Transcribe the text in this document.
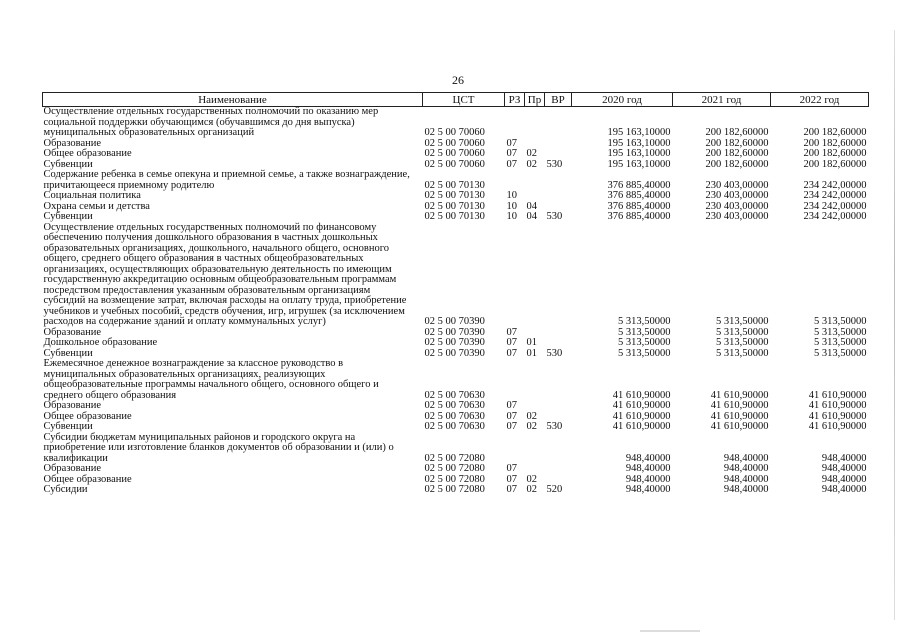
26
Наименование	ЦСТ	РЗ	Пр	ВР	2020 год	2021 год	2022 год
Осуществление отдельных государственных полномочий по оказанию мер социальной поддержки обучающимся (обучавшимся до дня выпуска) муниципальных образовательных организаций	02 5 00 70060				195 163,10000	200 182,60000	200 182,60000
Образование	02 5 00 70060	07			195 163,10000	200 182,60000	200 182,60000
Общее образование	02 5 00 70060	07	02		195 163,10000	200 182,60000	200 182,60000
Субвенции	02 5 00 70060	07	02	530	195 163,10000	200 182,60000	200 182,60000
Содержание ребенка в семье опекуна и приемной семье, а также вознаграждение, причитающееся приемному родителю	02 5 00 70130				376 885,40000	230 403,00000	234 242,00000
Социальная политика	02 5 00 70130	10			376 885,40000	230 403,00000	234 242,00000
Охрана семьи и детства	02 5 00 70130	10	04		376 885,40000	230 403,00000	234 242,00000
Субвенции	02 5 00 70130	10	04	530	376 885,40000	230 403,00000	234 242,00000
Осуществление отдельных государственных полномочий по финансовому обеспечению получения дошкольного образования в частных дошкольных образовательных организациях, дошкольного, начального общего, основного общего, среднего общего образования в частных общеобразовательных организациях, осуществляющих образовательную деятельность по имеющим государственную аккредитацию основным общеобразовательным программам посредством предоставления указанным образовательным организациям субсидий на возмещение затрат, включая расходы на оплату труда, приобретение учебников и учебных пособий, средств обучения, игр, игрушек (за исключением расходов на содержание зданий и оплату коммунальных услуг)	02 5 00 70390				5 313,50000	5 313,50000	5 313,50000
Образование	02 5 00 70390	07			5 313,50000	5 313,50000	5 313,50000
Дошкольное образование	02 5 00 70390	07	01		5 313,50000	5 313,50000	5 313,50000
Субвенции	02 5 00 70390	07	01	530	5 313,50000	5 313,50000	5 313,50000
Ежемесячное денежное вознаграждение за классное руководство в муниципальных образовательных организациях, реализующих общеобразовательные программы начального общего, основного общего и среднего общего образования	02 5 00 70630				41 610,90000	41 610,90000	41 610,90000
Образование	02 5 00 70630	07			41 610,90000	41 610,90000	41 610,90000
Общее образование	02 5 00 70630	07	02		41 610,90000	41 610,90000	41 610,90000
Субвенции	02 5 00 70630	07	02	530	41 610,90000	41 610,90000	41 610,90000
Субсидии бюджетам муниципальных районов и городского округа на приобретение или изготовление бланков документов об образовании и (или) о квалификации	02 5 00 72080				948,40000	948,40000	948,40000
Образование	02 5 00 72080	07			948,40000	948,40000	948,40000
Общее образование	02 5 00 72080	07	02		948,40000	948,40000	948,40000
Субсидии	02 5 00 72080	07	02	520	948,40000	948,40000	948,40000
